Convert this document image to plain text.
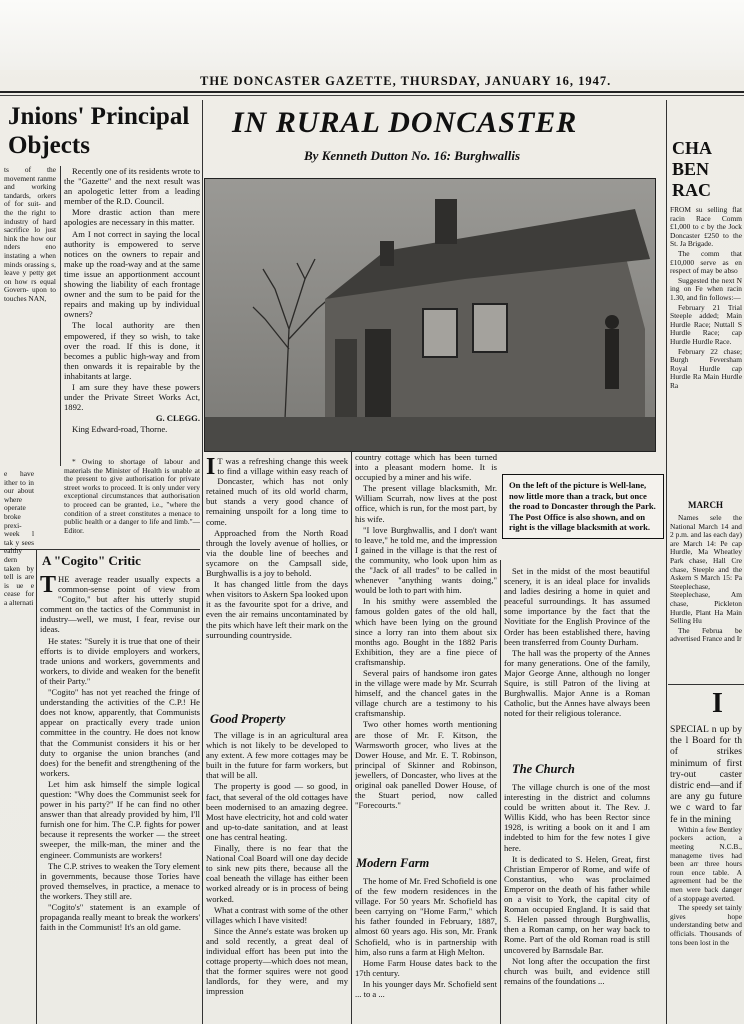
THE DONCASTER GAZETTE, THURSDAY, JANUARY 16, 1947.
Jnions' Principal Objects

ts of the movement ranme and working tandards, orkers of for suit- and the the right to industry of hard sacrifice lo just hink the how our nders eno instating a when minds orassing s, leave y petty get on how rs equal Govern- upon to touches NAN,

Recently one of its residents wrote to the "Gazette" and the next result was an apologetic letter from a leading member of the R.D. Council.

More drastic action than mere apologies are necessary in this matter.

Am I not correct in saying the local authority is empowered to serve notices on the owners to repair and make up the road-way and at the same time issue an apportionment account showing the liability of each frontage owner and the sum to be paid for the repairs and making up by individual owners?

The local authority are then empowered, if they so wish, to take over the road. If this is done, it becomes a public high-way and from then onwards it is repairable by the inhabitants at large.

I am sure they have these powers under the Private Street Works Act, 1892.

G. CLEGG.

King Edward-road, Thorne.

* Owing to shortage of labour and materials the Minister of Health is unable at the present to give authorisation for private street works to proceed. It is only under very exceptional circumstances that authorisation to proceed can be granted, i.e., "where the condition of a street constitutes a menace to public health or a danger to life and limb."—Editor.

A "Cogito" Critic

e have ither to in our about where operate broke prexi- week l tak y sees ealthy dern taken by tell is are is ue e cease for a alternati

THE average reader usually expects a common-sense point of view from "Cogito," but after his utterly stupid comment on the tactics of the Communist in industry—well, we must, I fear, revise our ideas.

He states: "Surely it is true that one of their efforts is to divide employers and workers, trade unions and workers, governments and workers, to divide and weaken for the benefit of their Party."

"Cogito" has not yet reached the fringe of understanding the activities of the C.P.! He does not know, apparently, that Communists appear on practically every trade union committee in the country. He does not know that the Communist considers it his or her duty to organise the union branches (and does) for the benefit and strengthening of the workers.

Let him ask himself the simple logical question: "Why does the Communist seek for power in his party?" If he can find no other answer than that already provided by him, I'll furnish one for him. The C.P. fights for power because it represents the worker — the street sweeper, the milk-man, the miner and the engineer. Communists are workers!

The C.P. strives to weaken the Tory element in governments, because those Tories have proved themselves, in practice, a menace to the workers. They still are.

"Cogito's" statement is an example of propaganda really meant to break the workers' faith in the Communist! It's an old game.

IN RURAL DONCASTER
By Kenneth Dutton No. 16: Burghwallis
On the left of the picture is Well-lane, now little more than a track, but once the road to Doncaster through the Park. The Post Office is also shown, and on right is the village blacksmith at work.

I T was a refreshing change this week to find a village within easy reach of Doncaster, which has not only retained much of its old world charm, but stands a very good chance of remaining unspoilt for a long time to come.

Approached from the North Road through the lovely avenue of hollies, or via the double line of beeches and sycamore on the Campsall side, Burghwallis is a joy to behold.

It has changed little from the days when visitors to Askern Spa looked upon it as the favourite spot for a drive, and even the air remains uncontaminated by the pits which have left their mark on the surrounding countryside.

Good Property

The village is in an agricultural area which is not likely to be developed to any extent. A few more cottages may be built in the future for farm workers, but that will be all.

The property is good — so good, in fact, that several of the old cottages have been modernised to an amazing degree. Most have electricity, hot and cold water and up-to-date sanitation, and at least one has central heating.

Finally, there is no fear that the National Coal Board will one day decide to sink new pits there, because all the coal beneath the village has either been worked already or is in process of being worked.

What a contrast with some of the other villages which I have visited!

Since the Anne's estate was broken up and sold recently, a great deal of individual effort has been put into the cottage property—which does not mean, that the former squires were not good landlords, for they were, and my impression

country cottage which has been turned into a pleasant modern home. It is occupied by a miner and his wife.

The present village blacksmith, Mr. William Scurrah, now lives at the post office, which is run, for the most part, by his wife.

"I love Burghwallis, and I don't want to leave," he told me, and the impression I gained in the village is that the rest of the community, who look upon him as the "Jack of all trades" to be called in whenever "anything wants doing," would be loth to part with him.

In his smithy were assembled the famous golden gates of the old hall, which have been lying on the ground since a lorry ran into them about six months ago. Bought in the 1882 Paris Exhibition, they are a fine piece of craftsmanship.

Several pairs of handsome iron gates in the village were made by Mr. Scurrah himself, and the chancel gates in the village church are a testimony to his craftsmanship.

Two other homes worth mentioning are those of Mr. F. Kitson, the Warmsworth grocer, who lives at the Dower House, and Mr. E. T. Robinson, principal of Skinner and Robinson, jewellers, of Doncaster, who lives at the original oak panelled Dower House, of the Stuart period, now called "Forecourts."

Modern Farm

The home of Mr. Fred Schofield is one of the few modern residences in the village. For 50 years Mr. Schofield has been carrying on "Home Farm," which his father founded in February, 1887, almost 60 years ago. His son, Mr. Frank Schofield, who is in partnership with him, also runs a farm at High Melton.

Home Farm House dates back to the 17th century.

In his younger days Mr. Schofield sent ... to a ...

Set in the midst of the most beautiful scenery, it is an ideal place for invalids and ladies desiring a home in quiet and peaceful surroundings. It has assumed some importance by the fact that the Novitiate for the English Province of the Order has been established there, having been transferred from County Durham.

The hall was the property of the Annes for many generations. One of the family, Major George Anne, although no longer Squire, is still Patron of the living at Burghwallis. Major Anne is a Roman Catholic, but the Annes have always been noted for their religious tolerance.

The Church

The village church is one of the most interesting in the district and columns could be written about it. The Rev. J. Willis Kidd, who has been Rector since 1928, is writing a book on it and I am indebted to him for the few notes I give here.

It is dedicated to S. Helen, Great, first Christian Emperor of Rome, and wife of Constantius, who was proclaimed Emperor on the death of his father while on a visit to York, the capital city of Roman occupied England. It is said that S. Helen passed through Burghwallis, then a Roman camp, on her way back to Rome. Part of the old Roman road is still uncovered by Barnsdale Bar.

Not long after the occupation the first church was built, and evidence still remains of the foundations ...

CHA BEN RAC

FROM su selling flat racin Race Comm £1,000 to c by the Jock Doncaster £250 to the St. Ja Brigade.

The comm that £10,000 serve as en respect of may be abso

Suggested the next N ing on Fe when racin 1.30, and fin follows:—

February 21 Trial Steeple added; Main Hurdle Race; Nuttall S Hurdle Race; cap Hurdle Hurdle Race.

February 22 chase; Burgh Feversham Royal Hurdle cap Hurdle Ra Main Hurdle Ra

MARCH

Names sele the National March 14 and 2 p.m. and las each day) are March 14: Pe cap Hurdle, Ma Wheatley Park chase, Hall Cre chase, Steeple and the Askern S March 15: Pa Steeplechase, Steeplechase, Am chase, Pickleton Hurdle, Plant Ha Main Selling Hu

The Februa be advertised France and Ir

I

SPECIAL n up by the l Board for th of strikes minimum of first try-out caster distric end—and if are any gu future we c ward to far fe in the mining

Within a few Bentley pockers action, a meeting N.C.B., manageme tives had been arr three hours roun ence table. A agreement had be the men were back danger of a stoppage averted.

The speedy set tainly gives hope understanding betw and officials. Thousands of tons been lost in the
